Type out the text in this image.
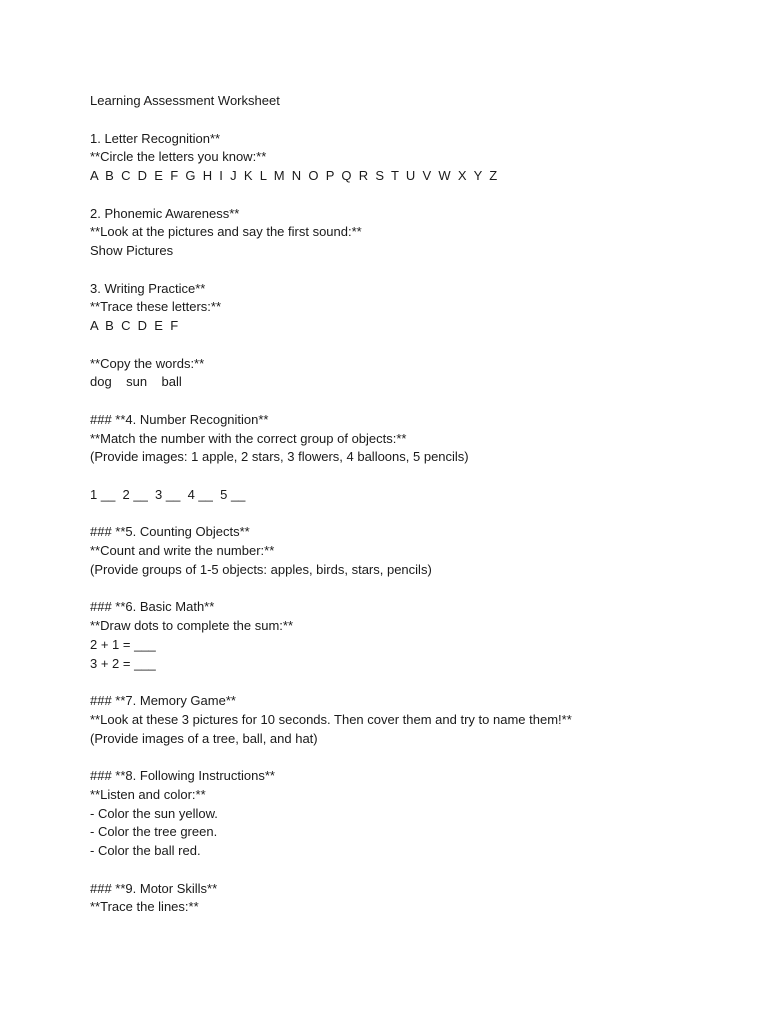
Learning Assessment Worksheet
1. Letter Recognition**
**Circle the letters you know:**
A  B  C  D  E  F  G  H  I  J  K  L  M  N  O  P  Q  R  S  T  U  V  W  X  Y  Z
2. Phonemic Awareness**
**Look at the pictures and say the first sound:**
Show Pictures
3. Writing Practice**
**Trace these letters:**
A  B  C  D  E  F
**Copy the words:**
dog    sun    ball
### **4. Number Recognition**
**Match the number with the correct group of objects:**
(Provide images: 1 apple, 2 stars, 3 flowers, 4 balloons, 5 pencils)
1 __  2 __  3 __  4 __  5 __
### **5. Counting Objects**
**Count and write the number:**
(Provide groups of 1-5 objects: apples, birds, stars, pencils)
### **6. Basic Math**
**Draw dots to complete the sum:**
2 + 1 = ___
3 + 2 = ___
### **7. Memory Game**
**Look at these 3 pictures for 10 seconds. Then cover them and try to name them!**
(Provide images of a tree, ball, and hat)
### **8. Following Instructions**
**Listen and color:**
- Color the sun yellow.
- Color the tree green.
- Color the ball red.
### **9. Motor Skills**
**Trace the lines:**
